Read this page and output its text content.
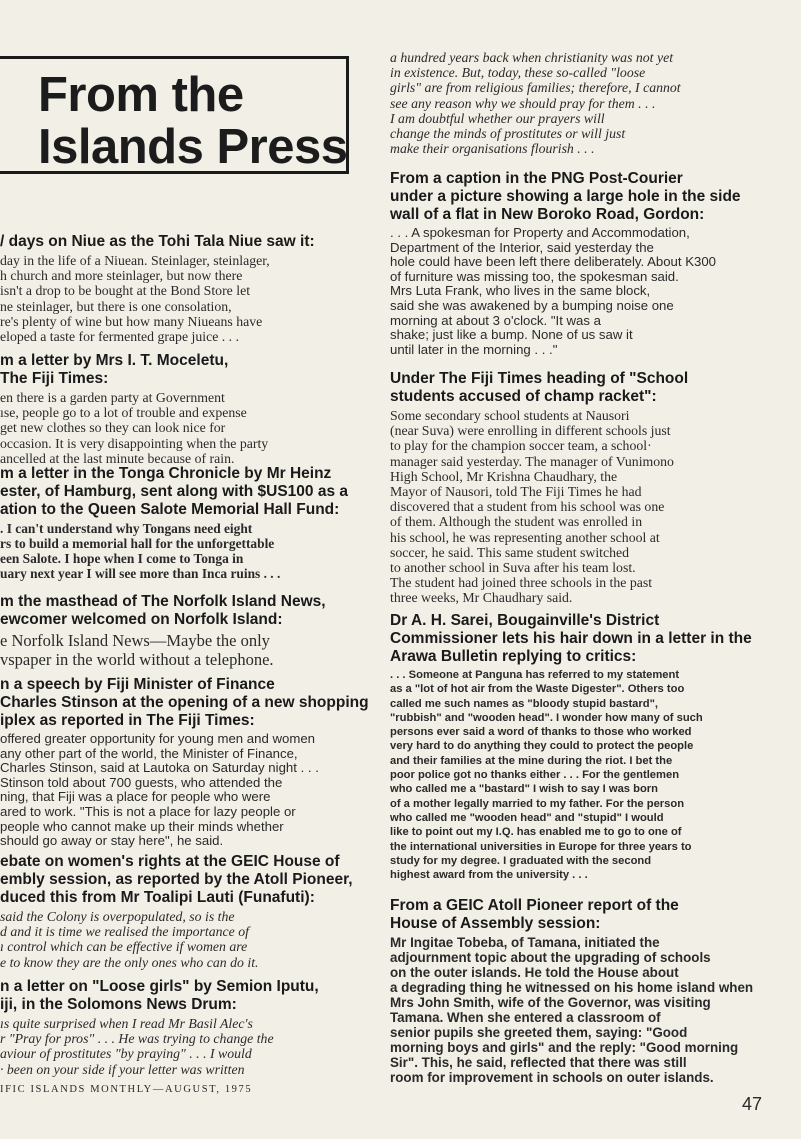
From the
Islands Press
/ days on Niue as the Tohi Tala Niue saw it:
day in the life of a Niuean. Steinlager, steinlager,
h church and more steinlager, but now there
isn't a drop to be bought at the Bond Store let
ne steinlager, but there is one consolation,
re's plenty of wine but how many Niueans have
eloped a taste for fermented grape juice . . .
m a letter by Mrs I. T. Moceletu,
The Fiji Times:
en there is a garden party at Government
ıse, people go to a lot of trouble and expense
get new clothes so they can look nice for
occasion. It is very disappointing when the party
ancelled at the last minute because of rain.
m a letter in the Tonga Chronicle by Mr Heinz
ester, of Hamburg, sent along with $US100 as a
ation to the Queen Salote Memorial Hall Fund:
. I can't understand why Tongans need eight
rs to build a memorial hall for the unforgettable
een Salote. I hope when I come to Tonga in
uary next year I will see more than Inca ruins . . .
m the masthead of The Norfolk Island News,
ewcomer welcomed on Norfolk Island:
e Norfolk Island News—Maybe the only
vspaper in the world without a telephone.
n a speech by Fiji Minister of Finance
Charles Stinson at the opening of a new shopping
iplex as reported in The Fiji Times:
offered greater opportunity for young men and women
any other part of the world, the Minister of Finance,
Charles Stinson, said at Lautoka on Saturday night . . .
Stinson told about 700 guests, who attended the
ning, that Fiji was a place for people who were
ared to work. "This is not a place for lazy people or
people who cannot make up their minds whether
should go away or stay here", he said.
ebate on women's rights at the GEIC House of
embly session, as reported by the Atoll Pioneer,
duced this from Mr Toalipi Lauti (Funafuti):
said the Colony is overpopulated, so is the
d and it is time we realised the importance of
ı control which can be effective if women are
e to know they are the only ones who can do it.
n a letter on "Loose girls" by Semion Iputu,
iji, in the Solomons News Drum:
ıs quite surprised when I read Mr Basil Alec's
r "Pray for pros" . . . He was trying to change the
aviour of prostitutes "by praying" . . . I would
· been on your side if your letter was written
a hundred years back when christianity was not yet
in existence. But, today, these so-called "loose
girls" are from religious families; therefore, I cannot
see any reason why we should pray for them . . .
I am doubtful whether our prayers will
change the minds of prostitutes or will just
make their organisations flourish . . .
From a caption in the PNG Post-Courier
under a picture showing a large hole in the side
wall of a flat in New Boroko Road, Gordon:
. . . A spokesman for Property and Accommodation,
Department of the Interior, said yesterday the
hole could have been left there deliberately. About K300
of furniture was missing too, the spokesman said.
Mrs Luta Frank, who lives in the same block,
said she was awakened by a bumping noise one
morning at about 3 o'clock. "It was a
shake; just like a bump. None of us saw it
until later in the morning . . ."
Under The Fiji Times heading of "School
students accused of champ racket":
Some secondary school students at Nausori
(near Suva) were enrolling in different schools just
to play for the champion soccer team, a school·
manager said yesterday. The manager of Vunimono
High School, Mr Krishna Chaudhary, the
Mayor of Nausori, told The Fiji Times he had
discovered that a student from his school was one
of them. Although the student was enrolled in
his school, he was representing another school at
soccer, he said. This same student switched
to another school in Suva after his team lost.
The student had joined three schools in the past
three weeks, Mr Chaudhary said.
Dr A. H. Sarei, Bougainville's District
Commissioner lets his hair down in a letter in the
Arawa Bulletin replying to critics:
. . . Someone at Panguna has referred to my statement
as a "lot of hot air from the Waste Digester". Others too
called me such names as "bloody stupid bastard",
"rubbish" and "wooden head". I wonder how many of such
persons ever said a word of thanks to those who worked
very hard to do anything they could to protect the people
and their families at the mine during the riot. I bet the
poor police got no thanks either . . . For the gentlemen
who called me a "bastard" I wish to say I was born
of a mother legally married to my father. For the person
who called me "wooden head" and "stupid" I would
like to point out my I.Q. has enabled me to go to one of
the international universities in Europe for three years to
study for my degree. I graduated with the second
highest award from the university . . .
From a GEIC Atoll Pioneer report of the
House of Assembly session:
Mr Ingitae Tobeba, of Tamana, initiated the
adjournment topic about the upgrading of schools
on the outer islands. He told the House about
a degrading thing he witnessed on his home island when
Mrs John Smith, wife of the Governor, was visiting
Tamana. When she entered a classroom of
senior pupils she greeted them, saying: "Good
morning boys and girls" and the reply: "Good morning
Sir". This, he said, reflected that there was still
room for improvement in schools on outer islands.
IFIC ISLANDS MONTHLY—AUGUST, 1975
47
